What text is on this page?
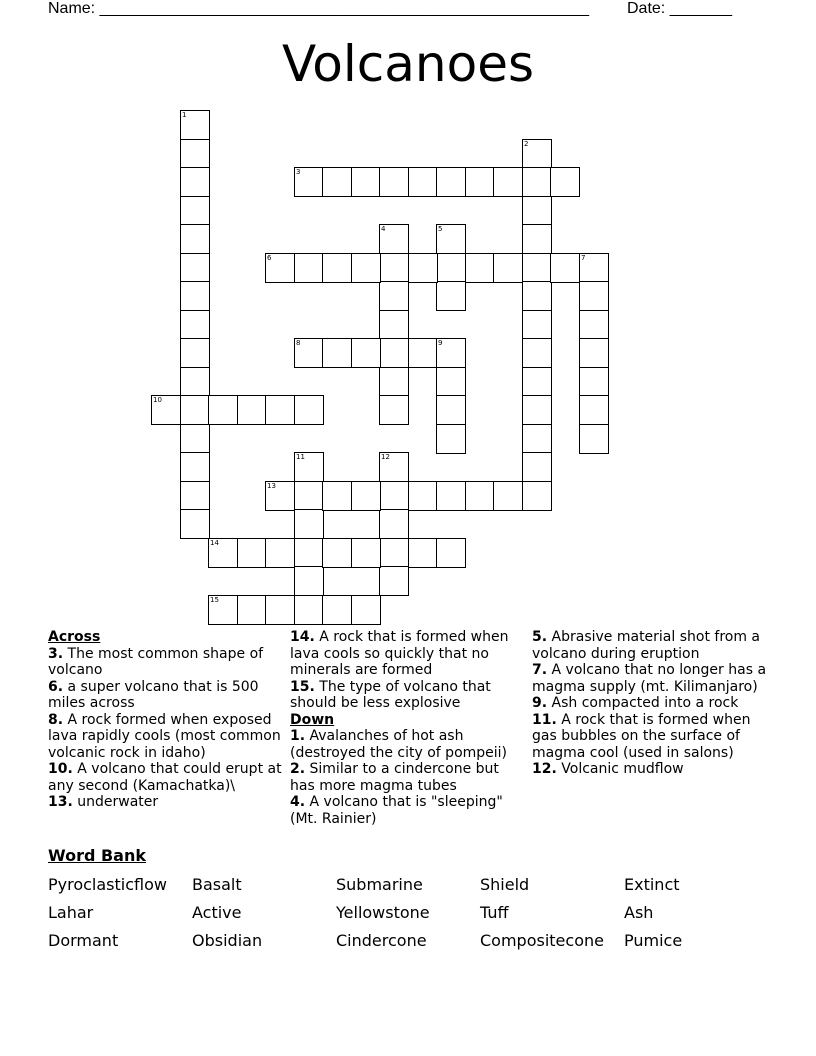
Name: _______________________________________________________ Date: _______
Volcanoes
1
2
3
4	5
6	7
8	9
10
11	12
13
14
15
Across
3. The most common shape of volcano
6. a super volcano that is 500 miles across
8. A rock formed when exposed lava rapidly cools (most common volcanic rock in idaho)
10. A volcano that could erupt at any second (Kamachatka)\
13. underwater
14. A rock that is formed when lava cools so quickly that no minerals are formed
15. The type of volcano that should be less explosive
Down
1. Avalanches of hot ash (destroyed the city of pompeii)
2. Similar to a cindercone but has more magma tubes
4. A volcano that is "sleeping" (Mt. Rainier)
5. Abrasive material shot from a volcano during eruption
7. A volcano that no longer has a magma supply (mt. Kilimanjaro)
9. Ash compacted into a rock
11. A rock that is formed when gas bubbles on the surface of magma cool (used in salons)
12. Volcanic mudflow
Word Bank
Pyroclasticflow Basalt	Submarine	Shield	Extinct
Lahar	Active	Yellowstone	Tuff	Ash
Dormant	Obsidian	Cindercone	Compositecone Pumice
